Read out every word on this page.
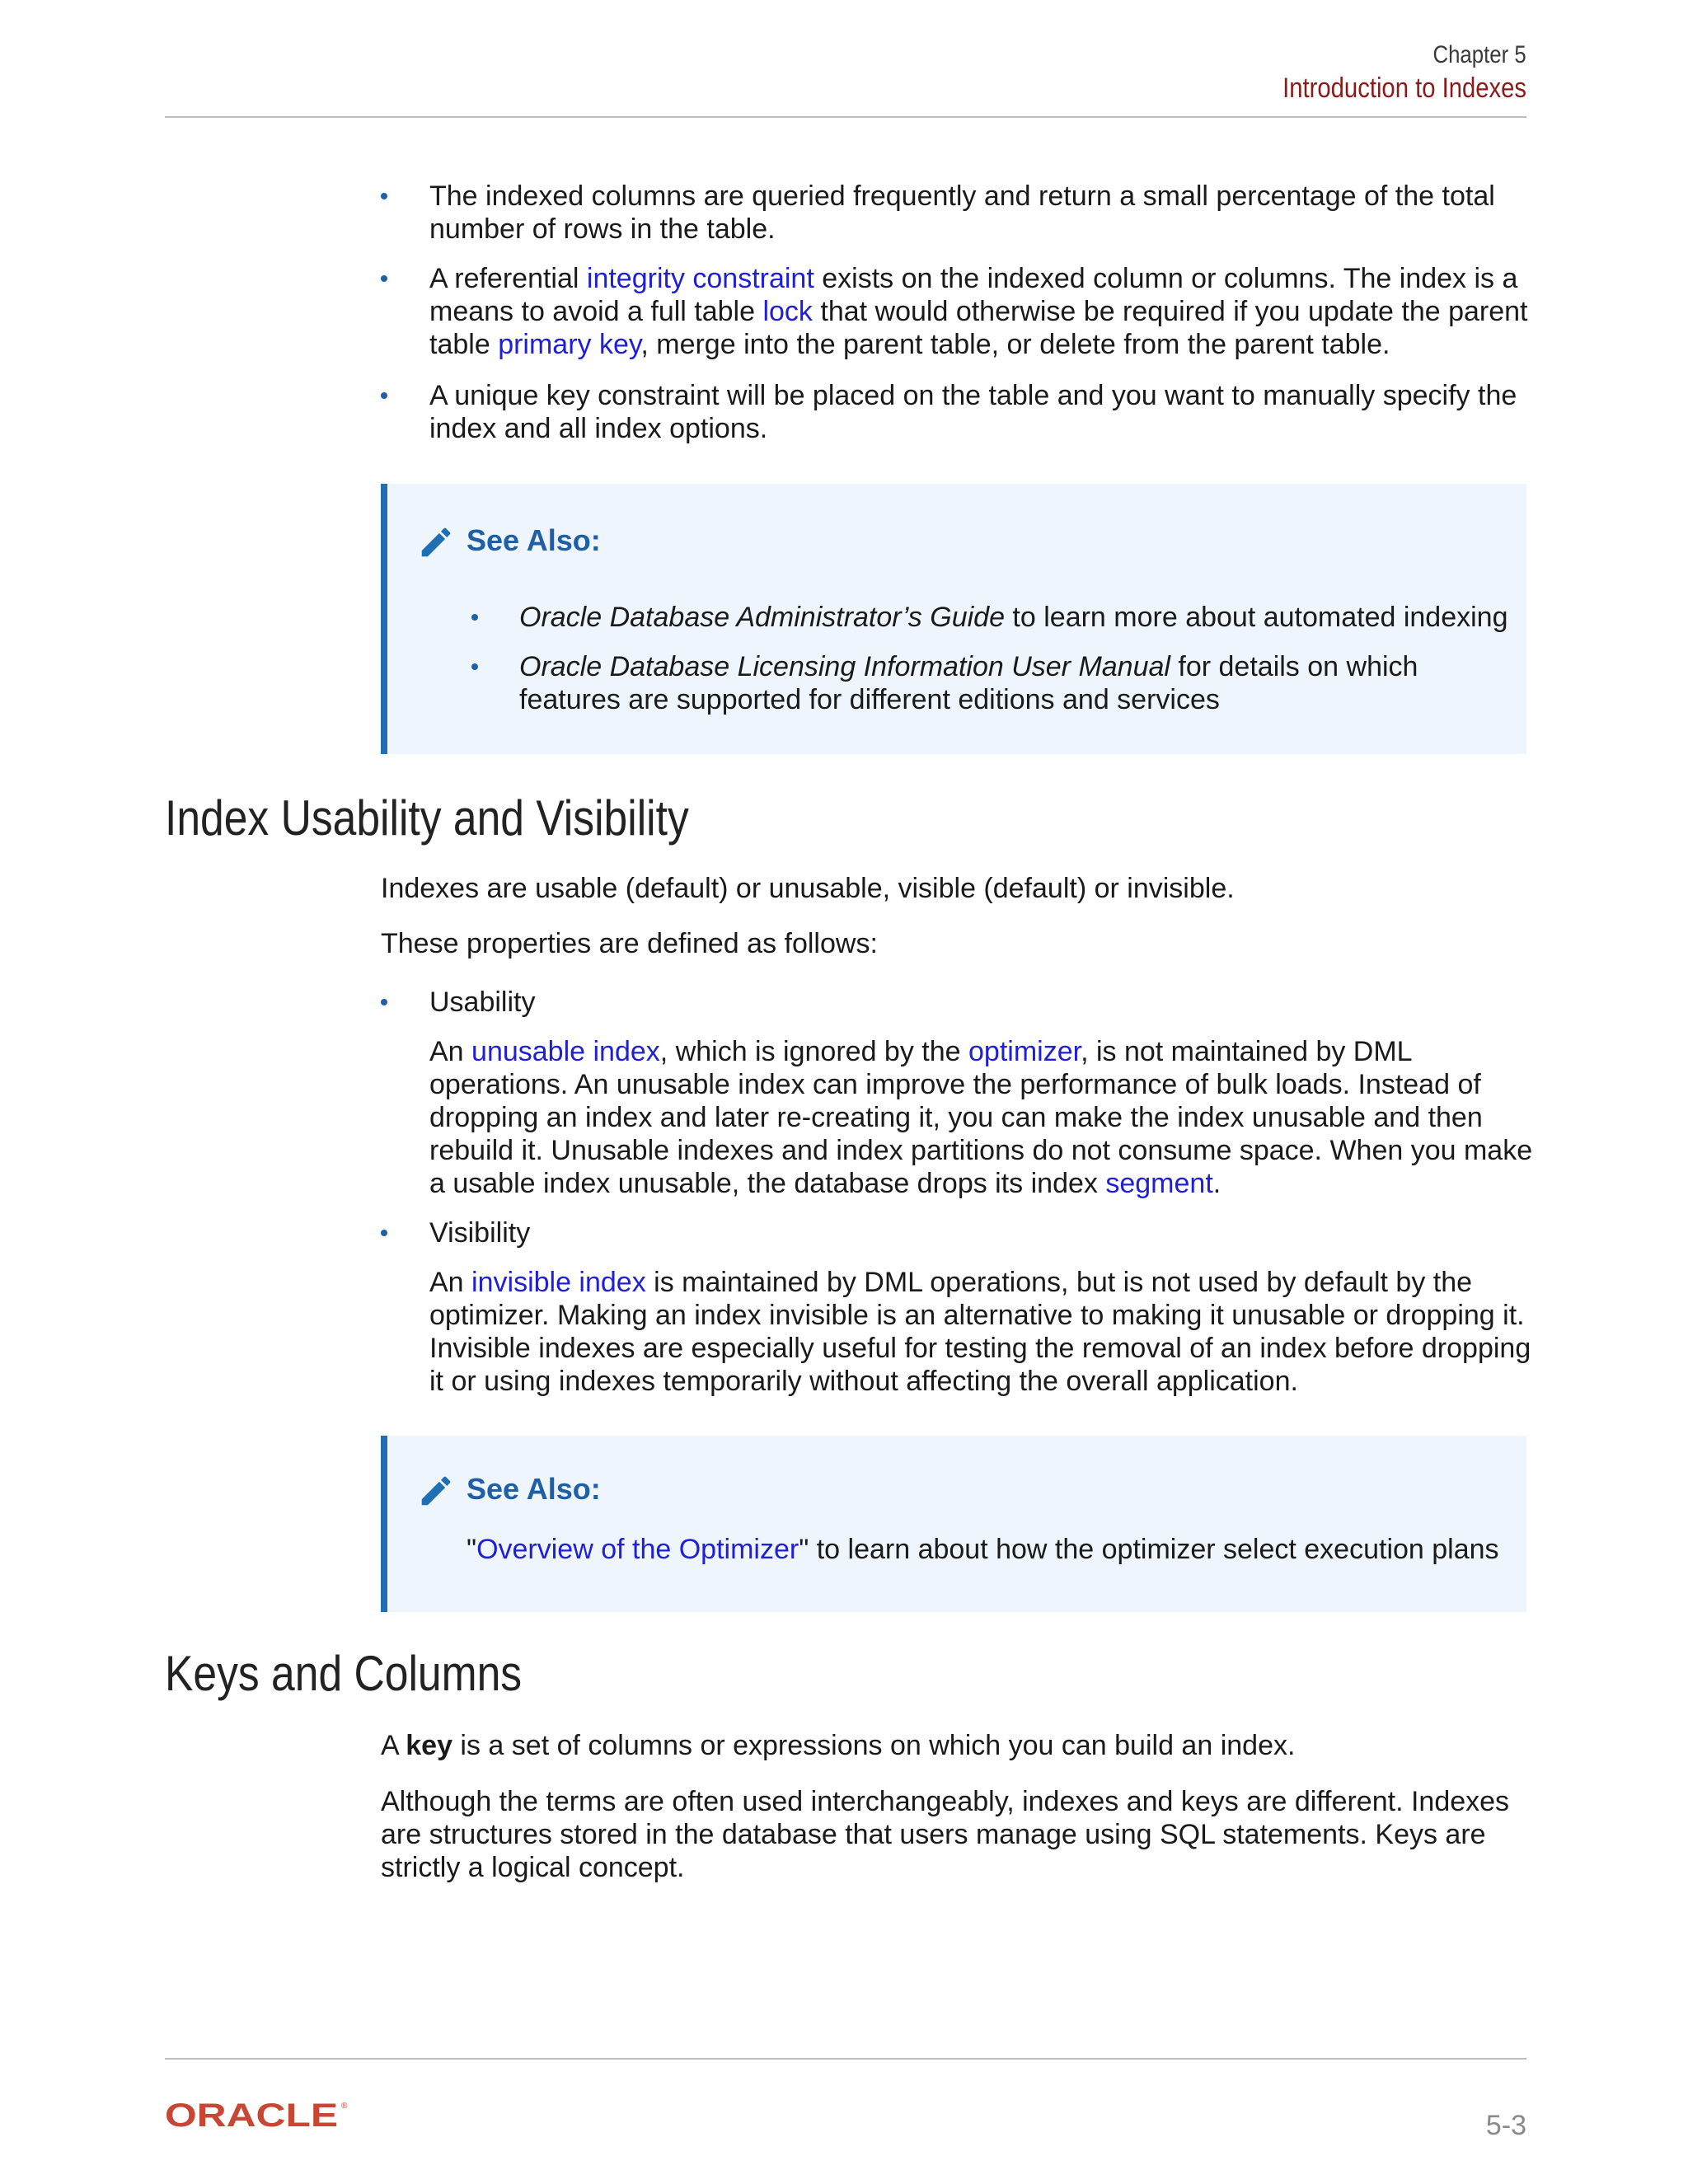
Chapter 5
Introduction to Indexes
The indexed columns are queried frequently and return a small percentage of the total
number of rows in the table.
A referential integrity constraint exists on the indexed column or columns. The index is a
means to avoid a full table lock that would otherwise be required if you update the parent
table primary key, merge into the parent table, or delete from the parent table.
A unique key constraint will be placed on the table and you want to manually specify the
index and all index options.
See Also:
Oracle Database Administrator’s Guide to learn more about automated indexing
Oracle Database Licensing Information User Manual for details on which
features are supported for different editions and services
Index Usability and Visibility
Indexes are usable (default) or unusable, visible (default) or invisible.
These properties are defined as follows:
Usability
An unusable index, which is ignored by the optimizer, is not maintained by DML
operations. An unusable index can improve the performance of bulk loads. Instead of
dropping an index and later re-creating it, you can make the index unusable and then
rebuild it. Unusable indexes and index partitions do not consume space. When you make
a usable index unusable, the database drops its index segment.
Visibility
An invisible index is maintained by DML operations, but is not used by default by the
optimizer. Making an index invisible is an alternative to making it unusable or dropping it.
Invisible indexes are especially useful for testing the removal of an index before dropping
it or using indexes temporarily without affecting the overall application.
See Also:
"Overview of the Optimizer" to learn about how the optimizer select execution plans
Keys and Columns
A key is a set of columns or expressions on which you can build an index.
Although the terms are often used interchangeably, indexes and keys are different. Indexes
are structures stored in the database that users manage using SQL statements. Keys are
strictly a logical concept.
ORACLE ®
5-3
